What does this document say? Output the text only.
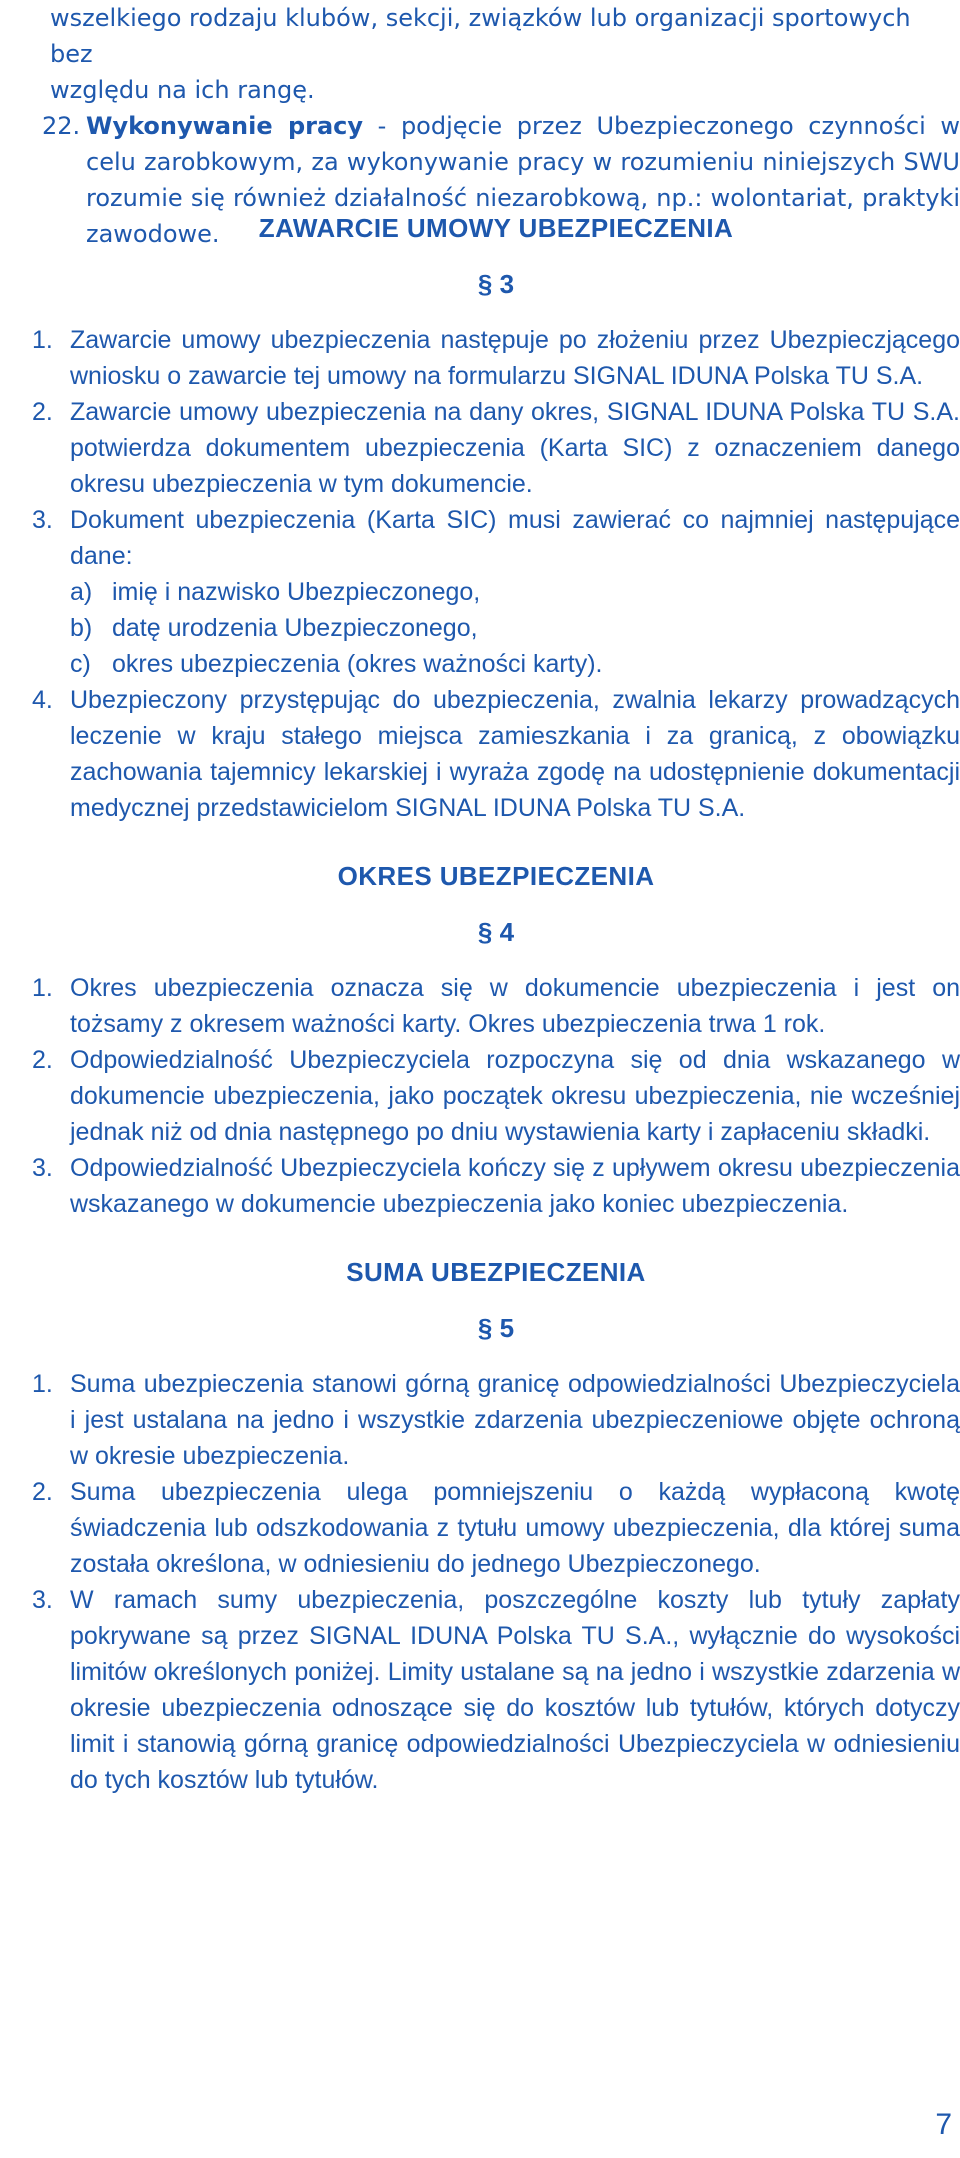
wszelkiego rodzaju klubów, sekcji, związków lub organizacji sportowych bez

względu na ich rangę.

22. Wykonywanie pracy - podjęcie przez Ubezpieczonego czynności w celu zarobkowym, za wykonywanie pracy w rozumieniu niniejszych SWU rozumie się również działalność niezarobkową, np.: wolontariat, praktyki zawodowe.	ZAWARCIE UMOWY UBEZPIECZENIA
§ 3
1. Zawarcie umowy ubezpieczenia następuje po złożeniu przez Ubezpieczjącego wniosku o zawarcie tej umowy na formularzu SIGNAL IDUNA Polska TU S.A.
2. Zawarcie umowy ubezpieczenia na dany okres, SIGNAL IDUNA Polska TU S.A. potwierdza dokumentem ubezpieczenia (Karta SIC) z oznaczeniem danego okresu ubezpieczenia w tym dokumencie.
3. Dokument ubezpieczenia (Karta SIC) musi zawierać co najmniej następujące dane:
a) imię i nazwisko Ubezpieczonego,
b) datę urodzenia Ubezpieczonego,
c) okres ubezpieczenia (okres ważności karty).
4. Ubezpieczony przystępując do ubezpieczenia, zwalnia lekarzy prowadzących leczenie w kraju stałego miejsca zamieszkania i za granicą, z obowiązku zachowania tajemnicy lekarskiej i wyraża zgodę na udostępnienie dokumentacji medycznej przedstawicielom SIGNAL IDUNA Polska TU S.A.
OKRES UBEZPIECZENIA
§ 4
1. Okres ubezpieczenia oznacza się w dokumencie ubezpieczenia i jest on tożsamy z okresem ważności karty. Okres ubezpieczenia trwa 1 rok.
2. Odpowiedzialność Ubezpieczyciela rozpoczyna się od dnia wskazanego w dokumencie ubezpieczenia, jako początek okresu ubezpieczenia, nie wcześniej jednak niż od dnia następnego po dniu wystawienia karty i zapłaceniu składki.
3. Odpowiedzialność Ubezpieczyciela kończy się z upływem okresu ubezpieczenia wskazanego w dokumencie ubezpieczenia jako koniec ubezpieczenia.
SUMA UBEZPIECZENIA
§ 5
1. Suma ubezpieczenia stanowi górną granicę odpowiedzialności Ubezpieczyciela i jest ustalana na jedno i wszystkie zdarzenia ubezpieczeniowe objęte ochroną w okresie ubezpieczenia.
2. Suma ubezpieczenia ulega pomniejszeniu o każdą wypłaconą kwotę świadczenia lub odszkodowania z tytułu umowy ubezpieczenia, dla której suma została określona, w odniesieniu do jednego Ubezpieczonego.
3. W ramach sumy ubezpieczenia, poszczególne koszty lub tytuły zapłaty pokrywane są przez SIGNAL IDUNA Polska TU S.A., wyłącznie do wysokości limitów określonych poniżej. Limity ustalane są na jedno i wszystkie zdarzenia w okresie ubezpieczenia odnoszące się do kosztów lub tytułów, których dotyczy limit i stanowią górną granicę odpowiedzialności Ubezpieczyciela w odniesieniu do tych kosztów lub tytułów.
7
